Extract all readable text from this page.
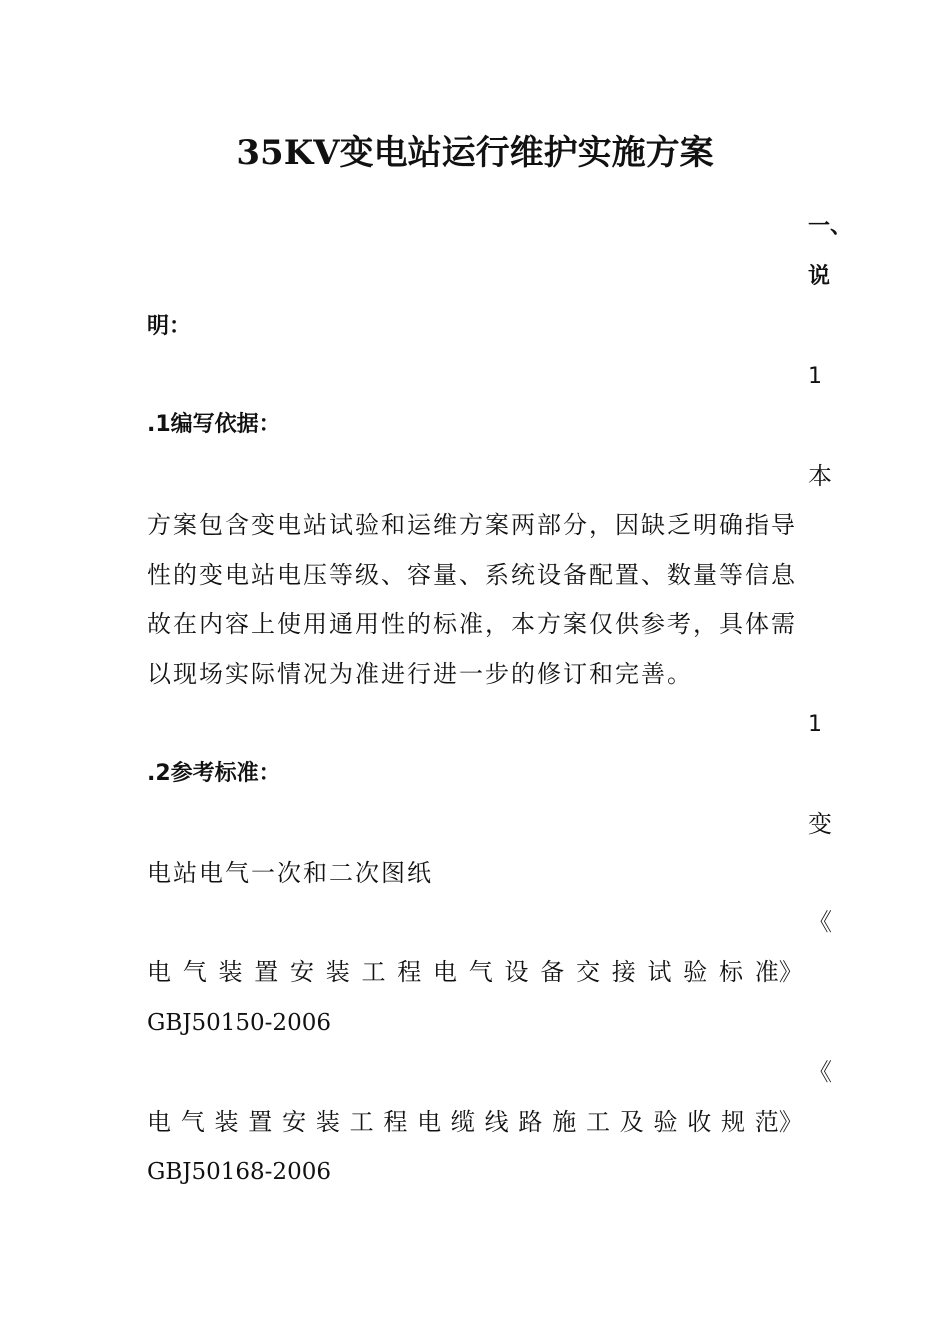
35KV变电站运行维护实施方案
一、
说
明：
1
.1编写依据：
本
方案包含变电站试验和运维方案两部分，因缺乏明确指导
性的变电站电压等级、容量、系统设备配置、数量等信息
故在内容上使用通用性的标准，本方案仅供参考，具体需
以现场实际情况为准进行进一步的修订和完善。
1
.2参考标准：
变
电站电气一次和二次图纸
《
电 气 装 置 安 装 工 程 电 气 设 备 交 接 试 验 标 准》
GBJ50150-2006
《
电 气 装 置 安 装 工 程 电 缆 线 路 施 工 及 验 收 规 范》
GBJ50168-2006
